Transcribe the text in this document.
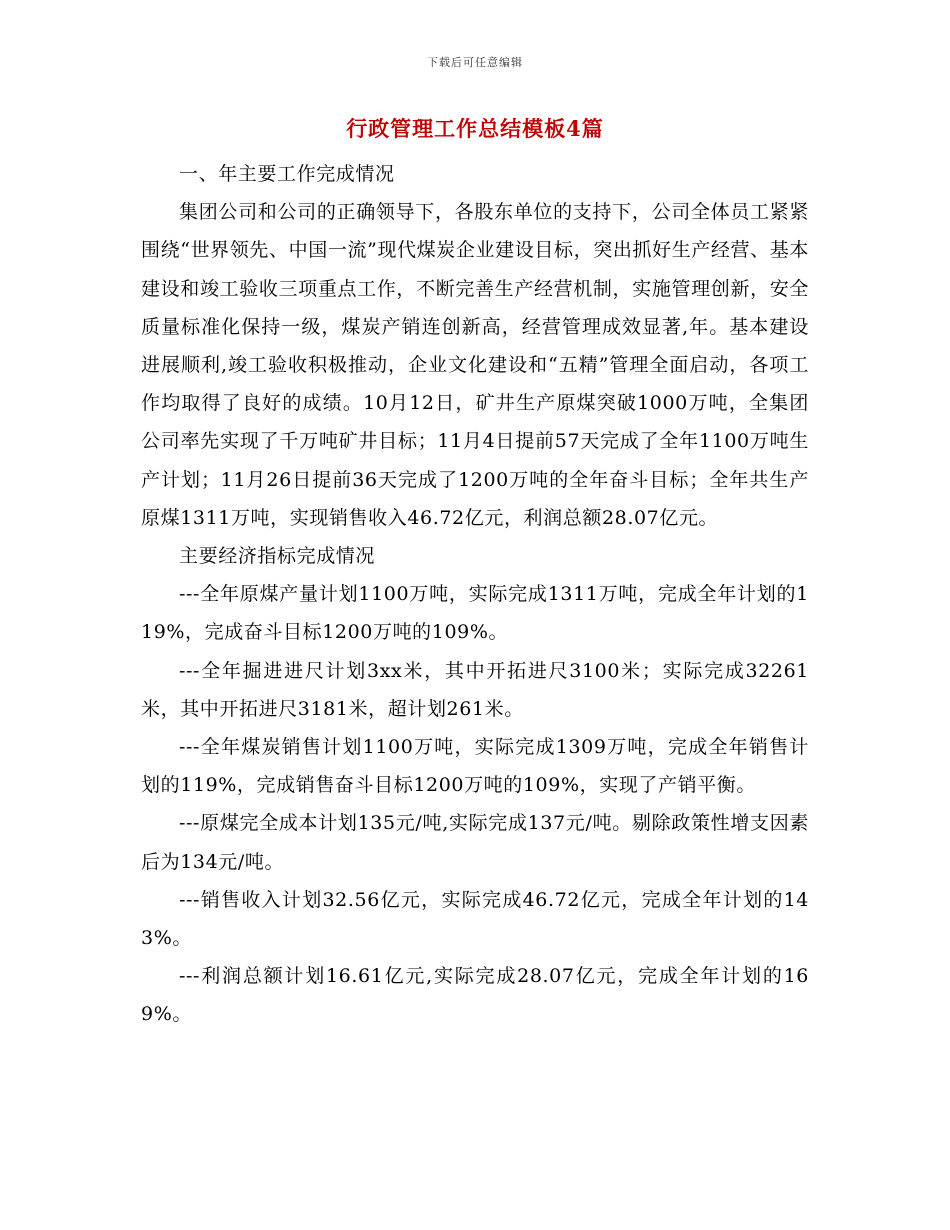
下载后可任意编辑
行政管理工作总结模板4篇

一、年主要工作完成情况

集团公司和公司的正确领导下，各股东单位的支持下，公司全体员工紧紧围绕“世界领先、中国一流”现代煤炭企业建设目标，突出抓好生产经营、基本建设和竣工验收三项重点工作，不断完善生产经营机制，实施管理创新，安全质量标准化保持一级，煤炭产销连创新高，经营管理成效显著,年。基本建设进展顺利,竣工验收积极推动，企业文化建设和“五精”管理全面启动，各项工作均取得了良好的成绩。10月12日，矿井生产原煤突破1000万吨，全集团公司率先实现了千万吨矿井目标；11月4日提前57天完成了全年1100万吨生产计划；11月26日提前36天完成了1200万吨的全年奋斗目标；全年共生产原煤1311万吨，实现销售收入46.72亿元，利润总额28.07亿元。

主要经济指标完成情况

---全年原煤产量计划1100万吨，实际完成1311万吨，完成全年计划的119%，完成奋斗目标1200万吨的109%。

---全年掘进进尺计划3xx米，其中开拓进尺3100米；实际完成32261米，其中开拓进尺3181米，超计划261米。

---全年煤炭销售计划1100万吨，实际完成1309万吨，完成全年销售计划的119%，完成销售奋斗目标1200万吨的109%，实现了产销平衡。

---原煤完全成本计划135元/吨,实际完成137元/吨。剔除政策性增支因素后为134元/吨。

---销售收入计划32.56亿元，实际完成46.72亿元，完成全年计划的143%。

---利润总额计划16.61亿元,实际完成28.07亿元，完成全年计划的169%。
